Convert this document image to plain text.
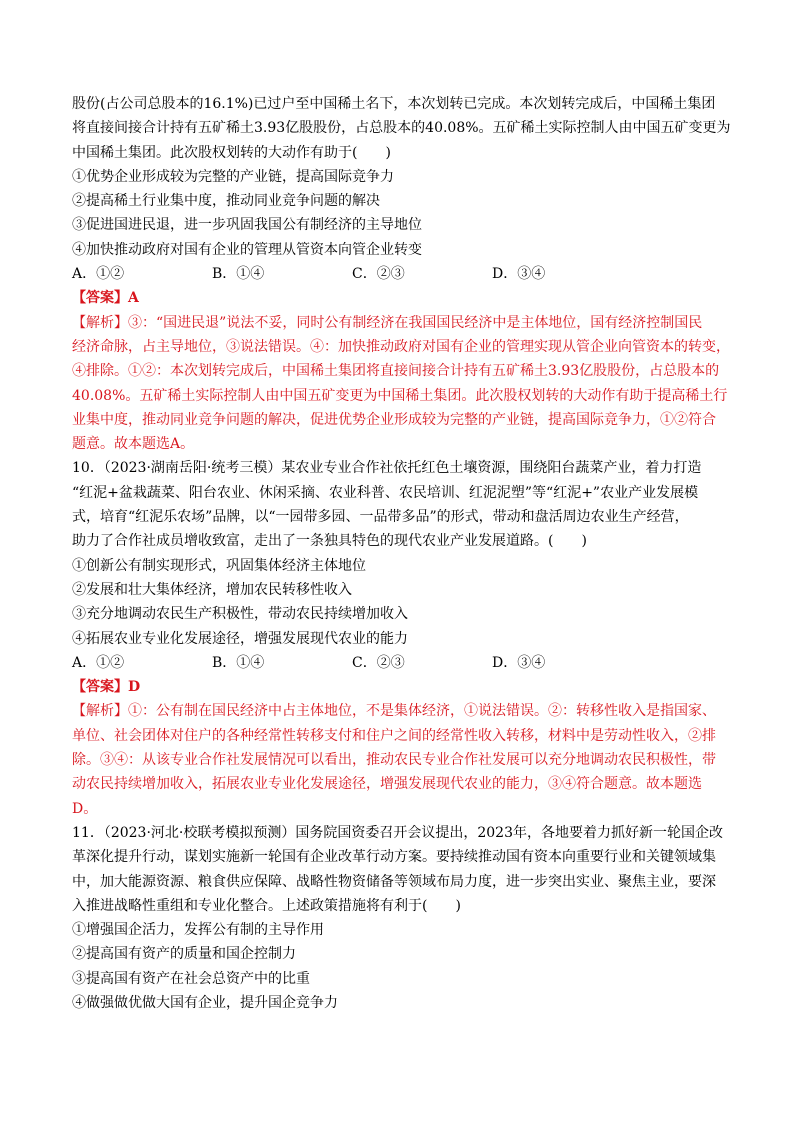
股份(占公司总股本的16.1%)已过户至中国稀土名下，本次划转已完成。本次划转完成后，中国稀土集团
将直接间接合计持有五矿稀土3.93亿股股份，占总股本的40.08%。五矿稀土实际控制人由中国五矿变更为
中国稀土集团。此次股权划转的大动作有助于(　　)
①优势企业形成较为完整的产业链，提高国际竞争力
②提高稀土行业集中度，推动同业竞争问题的解决
③促进国进民退，进一步巩固我国公有制经济的主导地位
④加快推动政府对国有企业的管理从管资本向管企业转变
A．①②	B．①④	C．②③	D．③④
【答案】A
【解析】③：“国进民退”说法不妥，同时公有制经济在我国国民经济中是主体地位，国有经济控制国民
经济命脉，占主导地位，③说法错误。④：加快推动政府对国有企业的管理实现从管企业向管资本的转变，
④排除。①②：本次划转完成后，中国稀土集团将直接间接合计持有五矿稀土3.93亿股股份，占总股本的
40.08%。五矿稀土实际控制人由中国五矿变更为中国稀土集团。此次股权划转的大动作有助于提高稀土行
业集中度，推动同业竞争问题的解决，促进优势企业形成较为完整的产业链，提高国际竞争力，①②符合
题意。故本题选A。
10．（2023·湖南岳阳·统考三模）某农业专业合作社依托红色土壤资源，围绕阳台蔬菜产业，着力打造
“红泥+盆栽蔬菜、阳台农业、休闲采摘、农业科普、农民培训、红泥泥塑”等“红泥+”农业产业发展模
式，培育“红泥乐农场”品牌，以“一园带多园、一品带多品”的形式，带动和盘活周边农业生产经营，
助力了合作社成员增收致富，走出了一条独具特色的现代农业产业发展道路。(　　)
①创新公有制实现形式，巩固集体经济主体地位
②发展和壮大集体经济，增加农民转移性收入
③充分地调动农民生产积极性，带动农民持续增加收入
④拓展农业专业化发展途径，增强发展现代农业的能力
A．①②	B．①④	C．②③	D．③④
【答案】D
【解析】①：公有制在国民经济中占主体地位，不是集体经济，①说法错误。②：转移性收入是指国家、
单位、社会团体对住户的各种经常性转移支付和住户之间的经常性收入转移，材料中是劳动性收入，②排
除。③④：从该专业合作社发展情况可以看出，推动农民专业合作社发展可以充分地调动农民积极性，带
动农民持续增加收入，拓展农业专业化发展途径，增强发展现代农业的能力，③④符合题意。故本题选
D。
11．（2023·河北·校联考模拟预测）国务院国资委召开会议提出，2023年，各地要着力抓好新一轮国企改
革深化提升行动，谋划实施新一轮国有企业改革行动方案。要持续推动国有资本向重要行业和关键领域集
中，加大能源资源、粮食供应保障、战略性物资储备等领域布局力度，进一步突出实业、聚焦主业，要深
入推进战略性重组和专业化整合。上述政策措施将有利于(　　)
①增强国企活力，发挥公有制的主导作用
②提高国有资产的质量和国企控制力
③提高国有资产在社会总资产中的比重
④做强做优做大国有企业，提升国企竞争力
